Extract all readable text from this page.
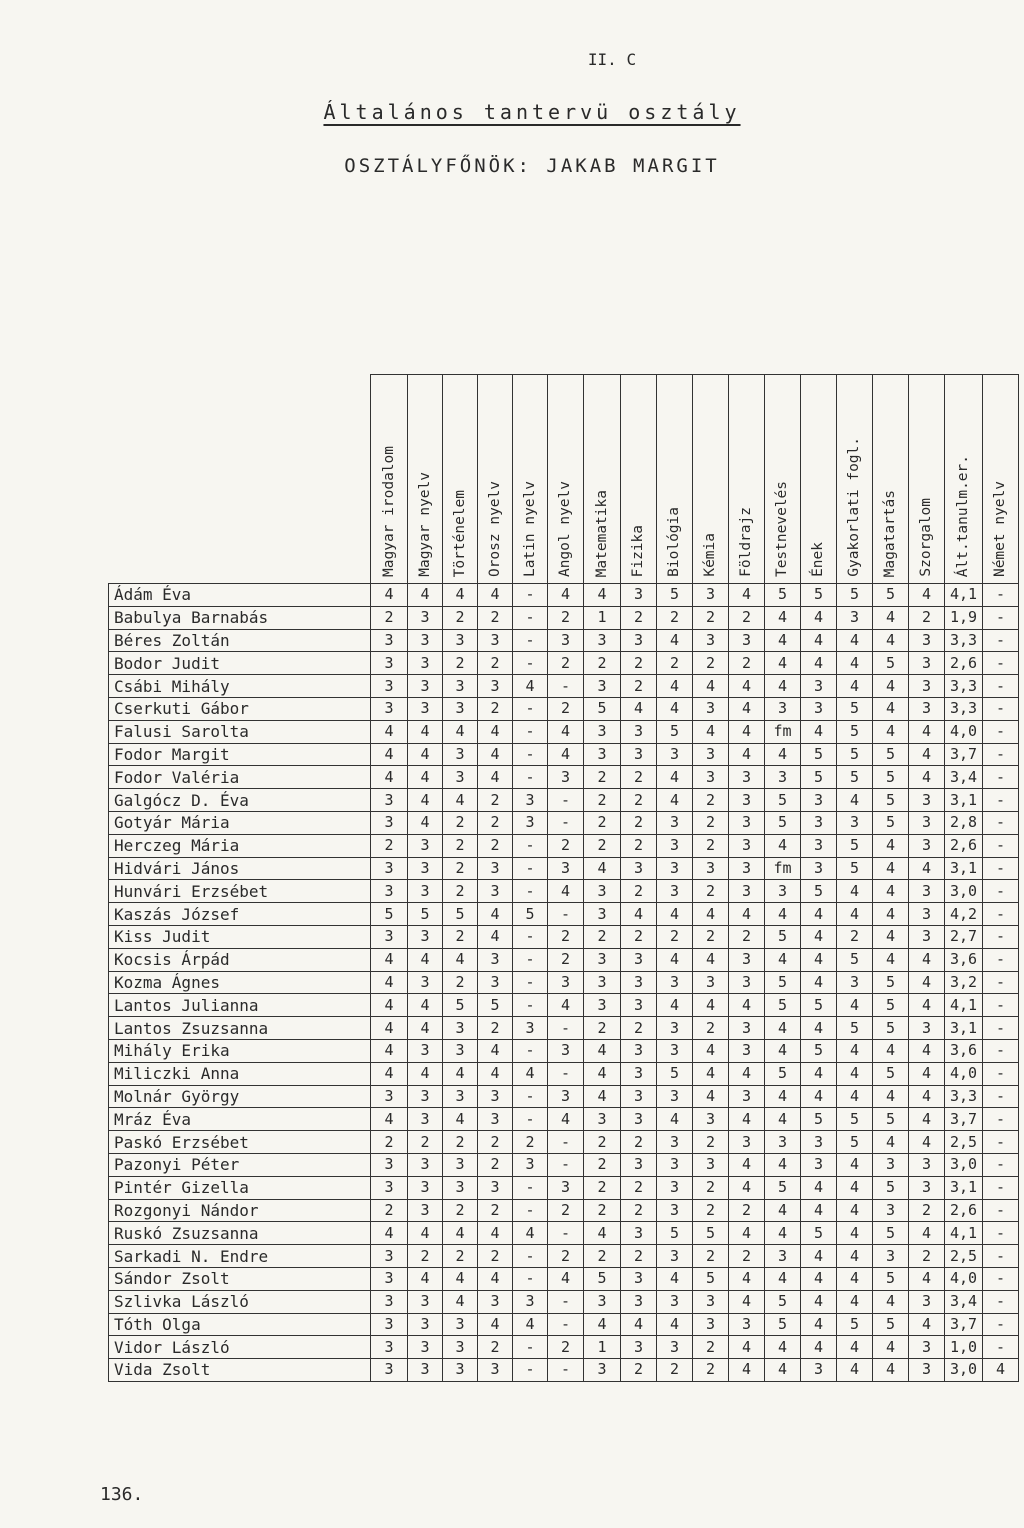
II. C
Általános tantervü osztály
OSZTÁLYFŐNÖK: JAKAB MARGIT

	Magyar irodalom	Magyar nyelv	Történelem	Orosz nyelv	Latin nyelv	Angol nyelv	Matematika	Fizika	Biológia	Kémia	Földrajz	Testnevelés	Ének	Gyakorlati fogl.	Magatartás	Szorgalom	Ált.tanulm.er.	Német nyelv

Ádám Éva	4	4	4	4	-	4	4	3	5	3	4	5	5	5	5	4	4,1	-
Babulya Barnabás	2	3	2	2	-	2	1	2	2	2	2	4	4	3	4	2	1,9	-
Béres Zoltán	3	3	3	3	-	3	3	3	4	3	3	4	4	4	4	3	3,3	-
Bodor Judit	3	3	2	2	-	2	2	2	2	2	2	4	4	4	5	3	2,6	-
Csábi Mihály	3	3	3	3	4	-	3	2	4	4	4	4	3	4	4	3	3,3	-
Cserkuti Gábor	3	3	3	2	-	2	5	4	4	3	4	3	3	5	4	3	3,3	-
Falusi Sarolta	4	4	4	4	-	4	3	3	5	4	4	fm	4	5	4	4	4,0	-
Fodor Margit	4	4	3	4	-	4	3	3	3	3	4	4	5	5	5	4	3,7	-
Fodor Valéria	4	4	3	4	-	3	2	2	4	3	3	3	5	5	5	4	3,4	-
Galgócz D. Éva	3	4	4	2	3	-	2	2	4	2	3	5	3	4	5	3	3,1	-
Gotyár Mária	3	4	2	2	3	-	2	2	3	2	3	5	3	3	5	3	2,8	-
Herczeg Mária	2	3	2	2	-	2	2	2	3	2	3	4	3	5	4	3	2,6	-
Hidvári János	3	3	2	3	-	3	4	3	3	3	3	fm	3	5	4	4	3,1	-
Hunvári Erzsébet	3	3	2	3	-	4	3	2	3	2	3	3	5	4	4	3	3,0	-
Kaszás József	5	5	5	4	5	-	3	4	4	4	4	4	4	4	4	3	4,2	-
Kiss Judit	3	3	2	4	-	2	2	2	2	2	2	5	4	2	4	3	2,7	-
Kocsis Árpád	4	4	4	3	-	2	3	3	4	4	3	4	4	5	4	4	3,6	-
Kozma Ágnes	4	3	2	3	-	3	3	3	3	3	3	5	4	3	5	4	3,2	-
Lantos Julianna	4	4	5	5	-	4	3	3	4	4	4	5	5	4	5	4	4,1	-
Lantos Zsuzsanna	4	4	3	2	3	-	2	2	3	2	3	4	4	5	5	3	3,1	-
Mihály Erika	4	3	3	4	-	3	4	3	3	4	3	4	5	4	4	4	3,6	-
Miliczki Anna	4	4	4	4	4	-	4	3	5	4	4	5	4	4	5	4	4,0	-
Molnár György	3	3	3	3	-	3	4	3	3	4	3	4	4	4	4	4	3,3	-
Mráz Éva	4	3	4	3	-	4	3	3	4	3	4	4	5	5	5	4	3,7	-
Paskó Erzsébet	2	2	2	2	2	-	2	2	3	2	3	3	3	5	4	4	2,5	-
Pazonyi Péter	3	3	3	2	3	-	2	3	3	3	4	4	3	4	3	3	3,0	-
Pintér Gizella	3	3	3	3	-	3	2	2	3	2	4	5	4	4	5	3	3,1	-
Rozgonyi Nándor	2	3	2	2	-	2	2	2	3	2	2	4	4	4	3	2	2,6	-
Ruskó Zsuzsanna	4	4	4	4	4	-	4	3	5	5	4	4	5	4	5	4	4,1	-
Sarkadi N. Endre	3	2	2	2	-	2	2	2	3	2	2	3	4	4	3	2	2,5	-
Sándor Zsolt	3	4	4	4	-	4	5	3	4	5	4	4	4	4	5	4	4,0	-
Szlivka László	3	3	4	3	3	-	3	3	3	3	4	5	4	4	4	3	3,4	-
Tóth Olga	3	3	3	4	4	-	4	4	4	3	3	5	4	5	5	4	3,7	-
Vidor László	3	3	3	2	-	2	1	3	3	2	4	4	4	4	4	3	1,0	-
Vida Zsolt	3	3	3	3	-	-	3	2	2	2	4	4	3	4	4	3	3,0	4
136.
